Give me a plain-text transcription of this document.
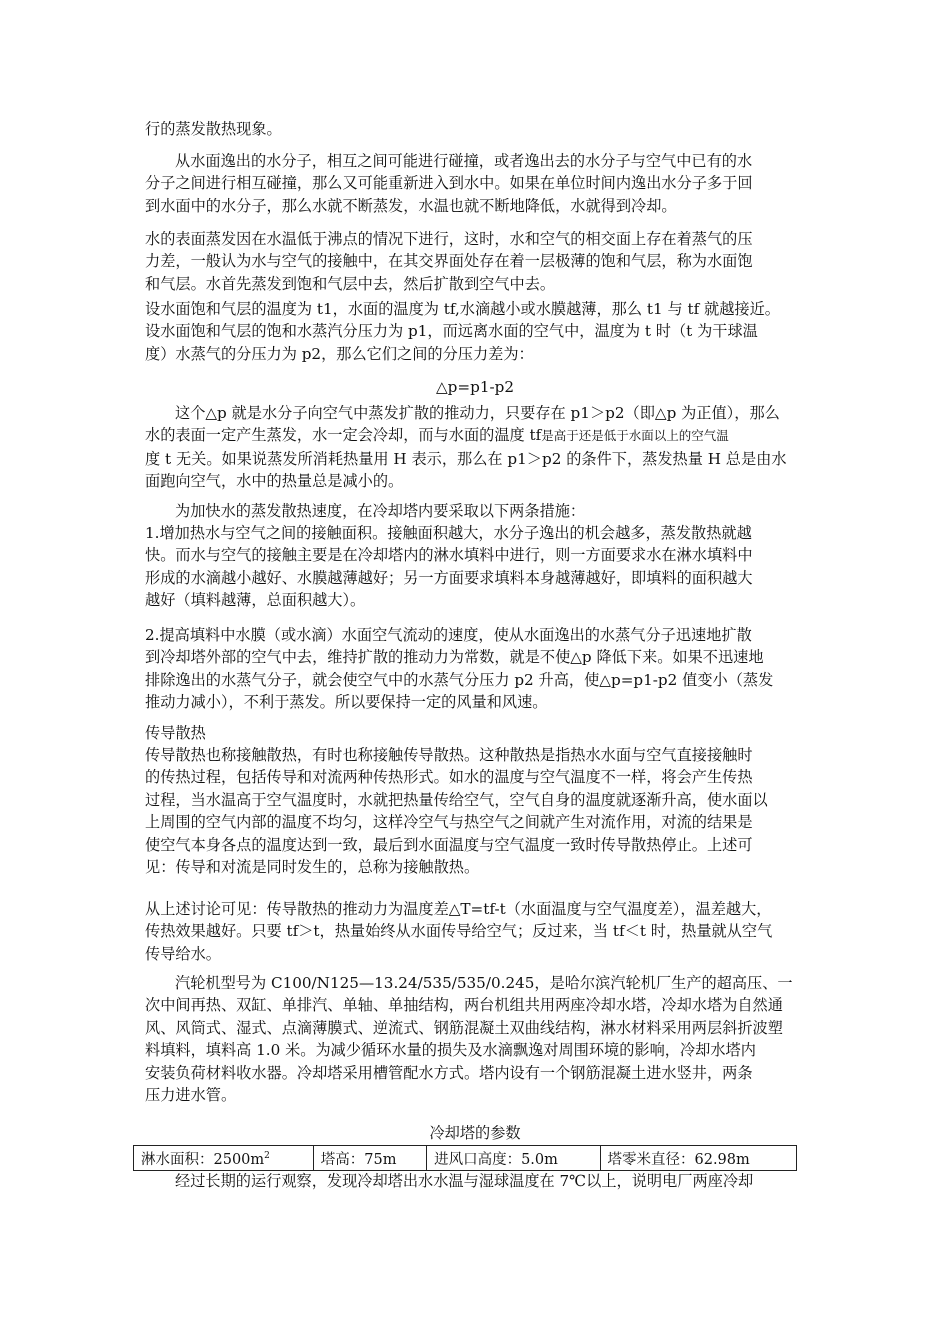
行的蒸发散热现象。
从水面逸出的水分子，相互之间可能进行碰撞，或者逸出去的水分子与空气中已有的水
分子之间进行相互碰撞，那么又可能重新进入到水中。如果在单位时间内逸出水分子多于回
到水面中的水分子，那么水就不断蒸发，水温也就不断地降低，水就得到冷却。
水的表面蒸发因在水温低于沸点的情况下进行，这时，水和空气的相交面上存在着蒸气的压
力差，一般认为水与空气的接触中，在其交界面处存在着一层极薄的饱和气层，称为水面饱
和气层。水首先蒸发到饱和气层中去，然后扩散到空气中去。
设水面饱和气层的温度为 t1，水面的温度为 tf,水滴越小或水膜越薄，那么 t1 与 tf 就越接近。
设水面饱和气层的饱和水蒸汽分压力为 p1，而远离水面的空气中，温度为 t 时（t 为干球温
度）水蒸气的分压力为 p2，那么它们之间的分压力差为：
△p=p1-p2
这个△p 就是水分子向空气中蒸发扩散的推动力，只要存在 p1＞p2（即△p 为正值），那么
水的表面一定产生蒸发，水一定会冷却，而与水面的温度 tf是高于还是低于水面以上的空气温
度 t 无关。如果说蒸发所消耗热量用 H 表示，那么在 p1＞p2 的条件下，蒸发热量 H 总是由水
面跑向空气，水中的热量总是减小的。
为加快水的蒸发散热速度，在冷却塔内要采取以下两条措施：
1.增加热水与空气之间的接触面积。接触面积越大，水分子逸出的机会越多，蒸发散热就越
快。而水与空气的接触主要是在冷却塔内的淋水填料中进行，则一方面要求水在淋水填料中
形成的水滴越小越好、水膜越薄越好；另一方面要求填料本身越薄越好，即填料的面积越大
越好（填料越薄，总面积越大）。
2.提高填料中水膜（或水滴）水面空气流动的速度，使从水面逸出的水蒸气分子迅速地扩散
到冷却塔外部的空气中去，维持扩散的推动力为常数，就是不使△p 降低下来。如果不迅速地
排除逸出的水蒸气分子，就会使空气中的水蒸气分压力 p2 升高，使△p=p1-p2 值变小（蒸发
推动力减小），不利于蒸发。所以要保持一定的风量和风速。
传导散热
传导散热也称接触散热，有时也称接触传导散热。这种散热是指热水水面与空气直接接触时
的传热过程，包括传导和对流两种传热形式。如水的温度与空气温度不一样，将会产生传热
过程，当水温高于空气温度时，水就把热量传给空气，空气自身的温度就逐渐升高，使水面以
上周围的空气内部的温度不均匀，这样冷空气与热空气之间就产生对流作用，对流的结果是
使空气本身各点的温度达到一致，最后到水面温度与空气温度一致时传导散热停止。上述可
见：传导和对流是同时发生的，总称为接触散热。
从上述讨论可见：传导散热的推动力为温度差△T=tf-t（水面温度与空气温度差），温差越大，
传热效果越好。只要 tf＞t，热量始终从水面传导给空气；反过来，当 tf＜t 时，热量就从空气
传导给水。
汽轮机型号为 C100/N125—13.24/535/535/0.245，是哈尔滨汽轮机厂生产的超高压、一
次中间再热、双缸、单排汽、单轴、单抽结构，两台机组共用两座冷却水塔，冷却水塔为自然通
风、风筒式、湿式、点滴薄膜式、逆流式、钢筋混凝土双曲线结构，淋水材料采用两层斜折波塑
料填料，填料高 1.0 米。为减少循环水量的损失及水滴飘逸对周围环境的影响，冷却水塔内
安装负荷材料收水器。冷却塔采用槽管配水方式。塔内设有一个钢筋混凝土进水竖井，两条
压力进水管。
冷却塔的参数
淋水面积：$2500m^2$	塔高：75m	进风口高度：5.0m	塔零米直径：62.98m
经过长期的运行观察，发现冷却塔出水水温与湿球温度在 7℃以上，说明电厂两座冷却
